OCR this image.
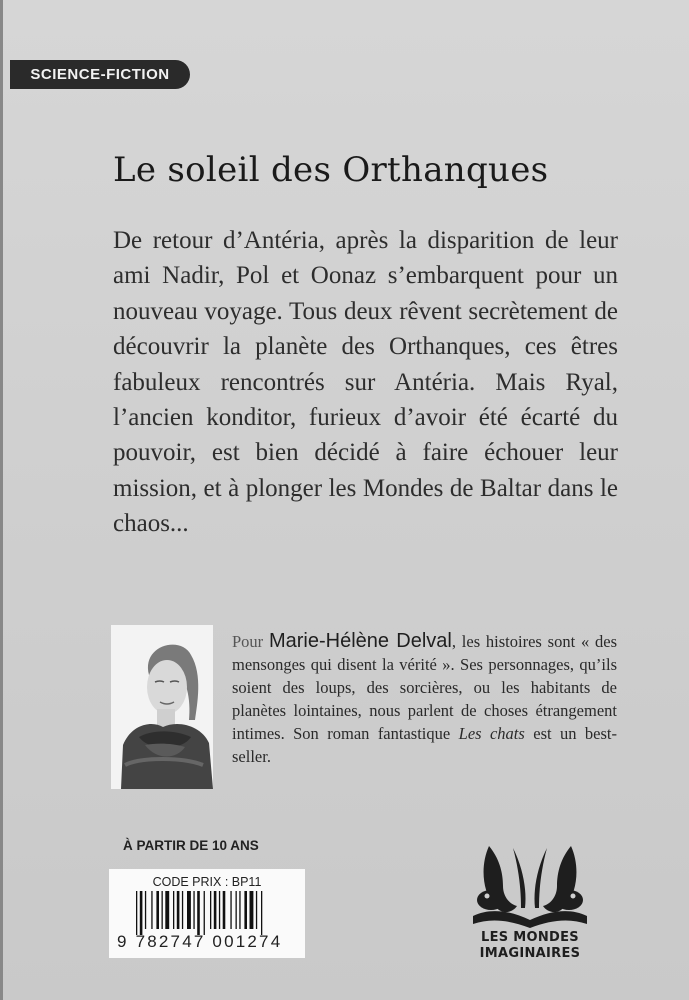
SCIENCE-FICTION
Le soleil des Orthanques

De retour d’Antéria, après la disparition de leur ami Nadir, Pol et Oonaz s’embarquent pour un nouveau voyage. Tous deux rêvent secrètement de découvrir la planète des Orthanques, ces êtres fabuleux rencontrés sur Antéria. Mais Ryal, l’ancien konditor, furieux d’avoir été écarté du pouvoir, est bien décidé à faire échouer leur mission, et à plonger les Mondes de Baltar dans le chaos...

Pour Marie-Hélène Delval, les histoires sont « des mensonges qui disent la vérité ». Ses personnages, qu’ils soient des loups, des sorcières, ou les habitants de planètes lointaines, nous parlent de choses étrangement intimes. Son roman fantastique Les chats est un best-seller.

À PARTIR DE 10 ANS
CODE PRIX : BP11
9 782747 001274	LES MONDES
IMAGINAIRES
